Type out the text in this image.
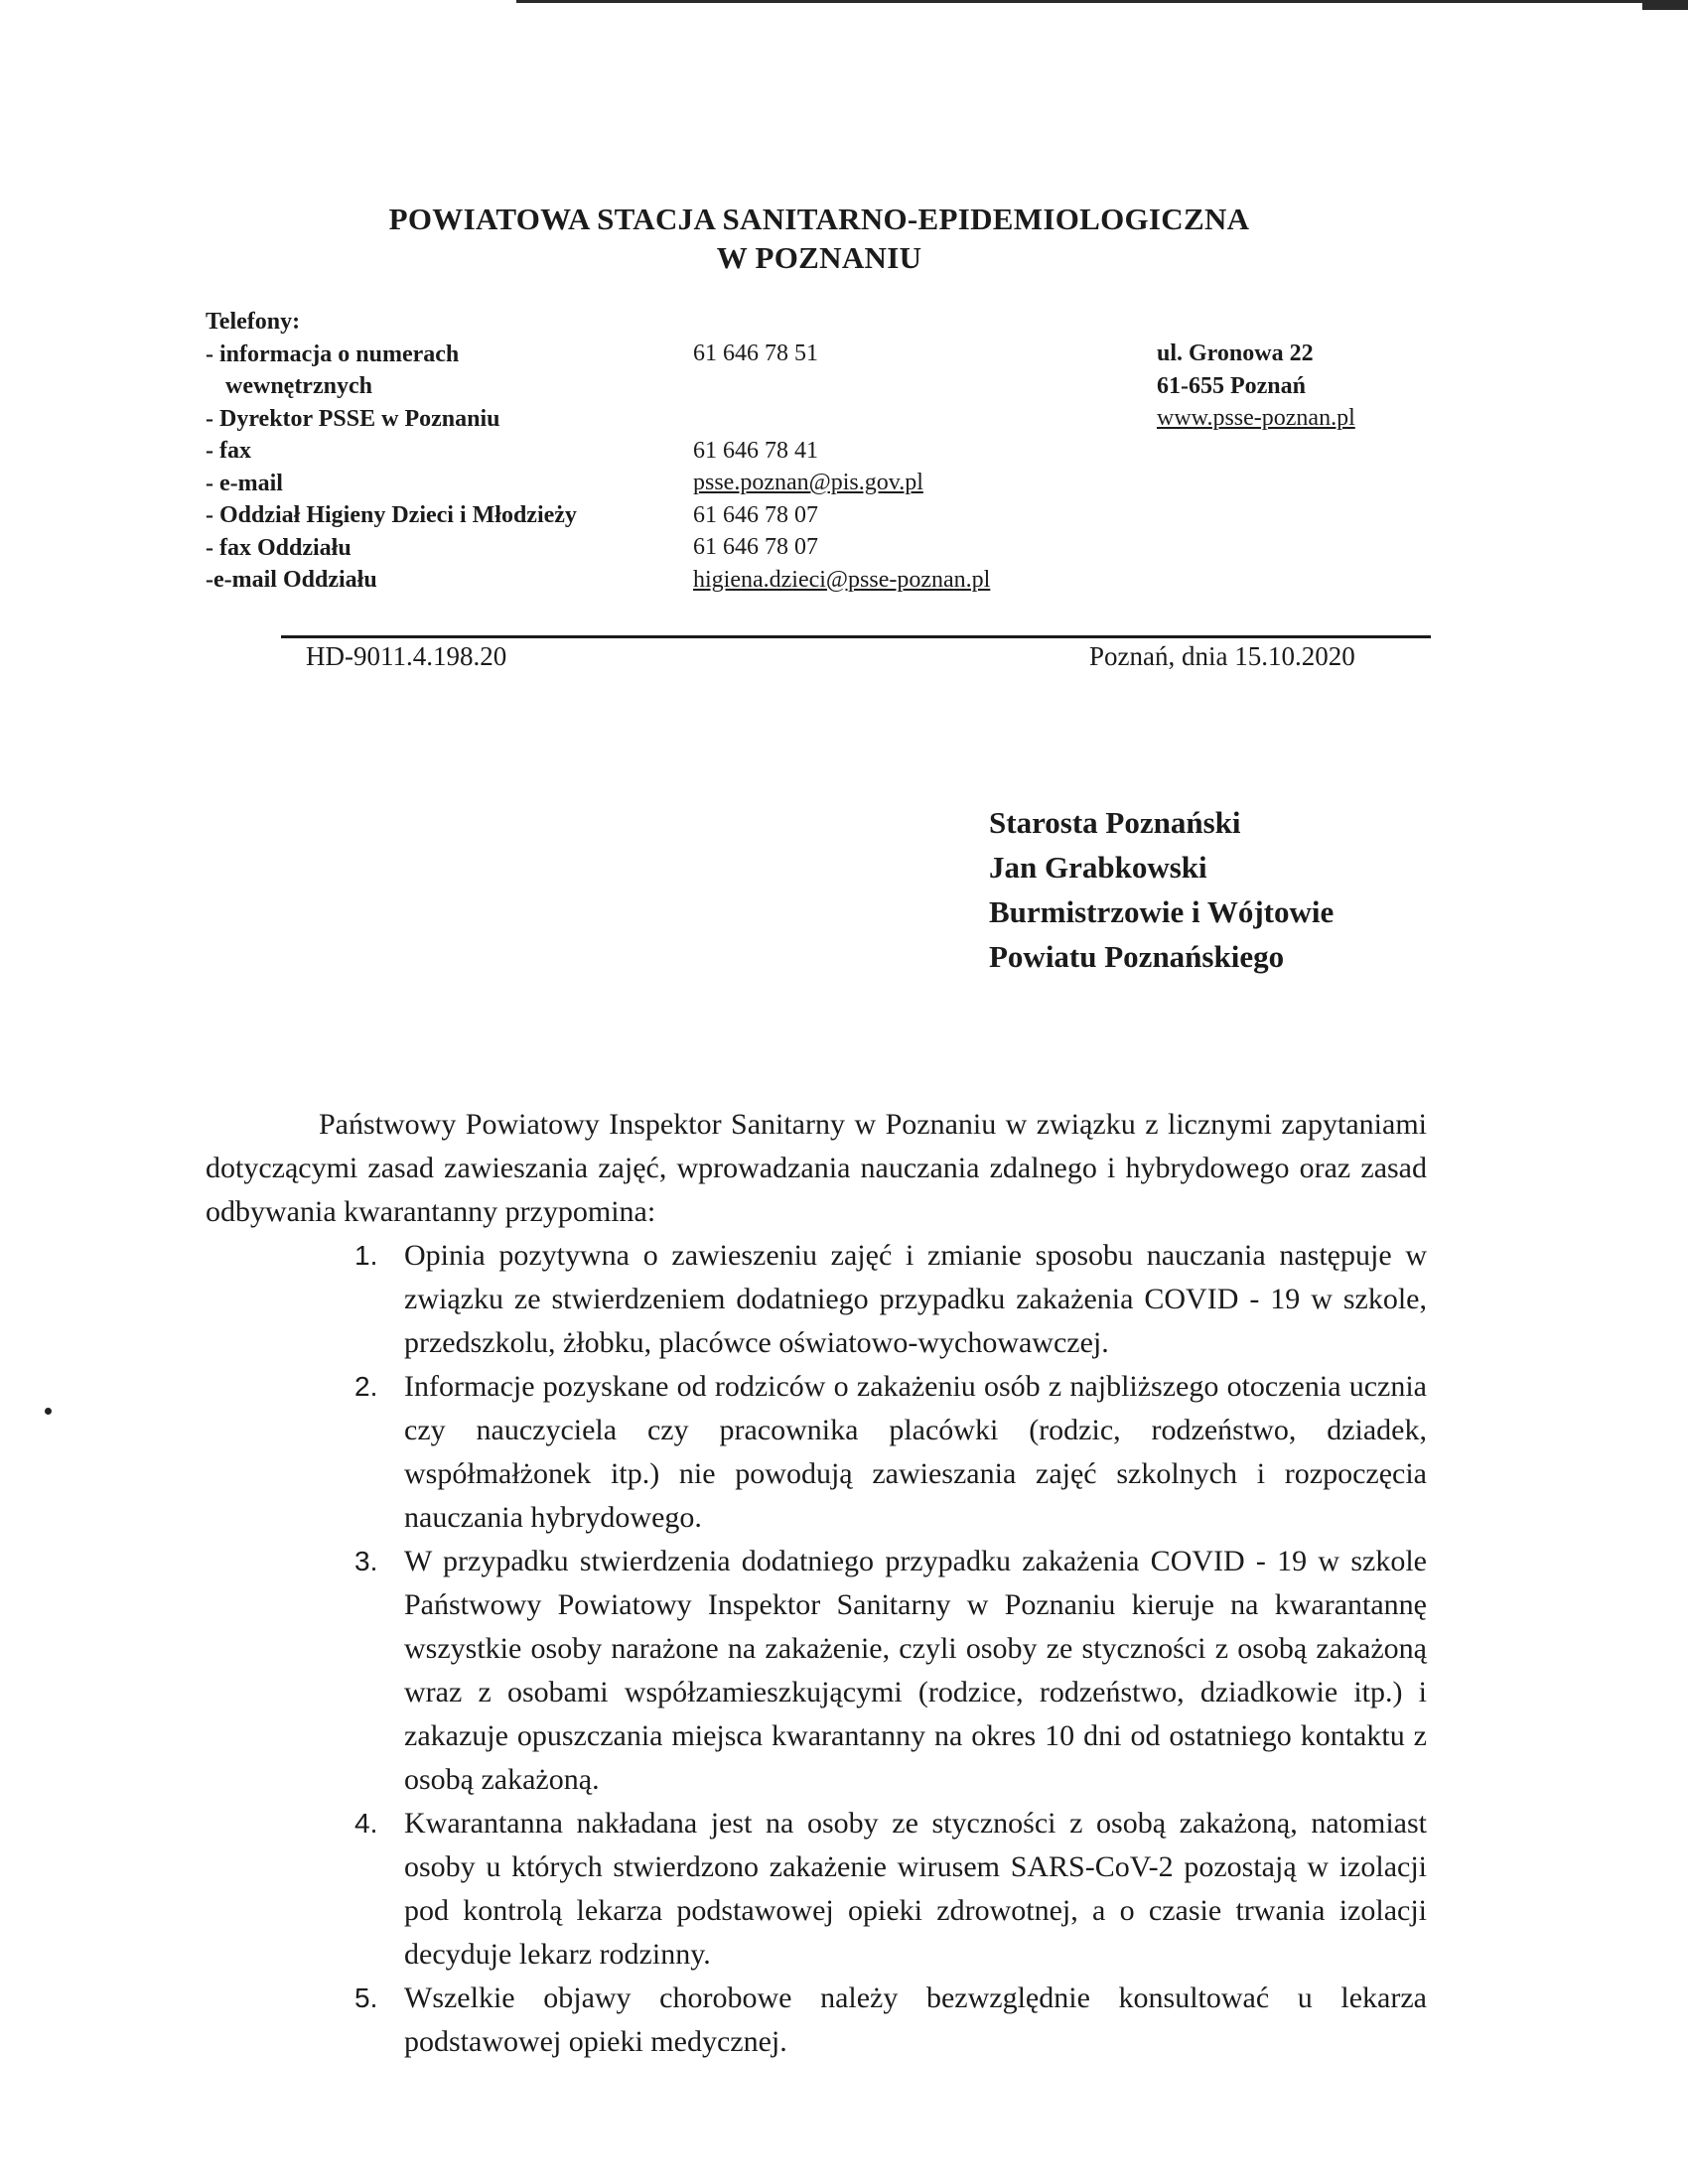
POWIATOWA STACJA SANITARNO-EPIDEMIOLOGICZNA
W POZNANIU
Telefony:
- informacja o numerach
wewnętrznych
- Dyrektor PSSE w Poznaniu
- fax
- e-mail
- Oddział Higieny Dzieci i Młodzieży
- fax Oddziału
-e-mail Oddziału
61 646 78 51

61 646 78 41
psse.poznan@pis.gov.pl
61 646 78 07
61 646 78 07
higiena.dzieci@psse-poznan.pl
ul. Gronowa 22
61-655 Poznań
www.psse-poznan.pl
HD-9011.4.198.20	Poznań, dnia 15.10.2020
Starosta Poznański
Jan Grabkowski
Burmistrzowie i Wójtowie
Powiatu Poznańskiego

Państwowy Powiatowy Inspektor Sanitarny w Poznaniu w związku z licznymi zapytaniami dotyczącymi zasad zawieszania zajęć, wprowadzania nauczania zdalnego i hybrydowego oraz zasad odbywania kwarantanny przypomina:

1. Opinia pozytywna o zawieszeniu zajęć i zmianie sposobu nauczania następuje w związku ze stwierdzeniem dodatniego przypadku zakażenia COVID - 19 w szkole, przedszkolu, żłobku, placówce oświatowo-wychowawczej.
2. Informacje pozyskane od rodziców o zakażeniu osób z najbliższego otoczenia ucznia czy nauczyciela czy pracownika placówki (rodzic, rodzeństwo, dziadek, współmałżonek itp.) nie powodują zawieszania zajęć szkolnych i rozpoczęcia nauczania hybrydowego.
3. W przypadku stwierdzenia dodatniego przypadku zakażenia COVID - 19 w szkole Państwowy Powiatowy Inspektor Sanitarny w Poznaniu kieruje na kwarantannę wszystkie osoby narażone na zakażenie, czyli osoby ze styczności z osobą zakażoną wraz z osobami współzamieszkującymi (rodzice, rodzeństwo, dziadkowie itp.) i zakazuje opuszczania miejsca kwarantanny na okres 10 dni od ostatniego kontaktu z osobą zakażoną.
4. Kwarantanna nakładana jest na osoby ze styczności z osobą zakażoną, natomiast osoby u których stwierdzono zakażenie wirusem SARS-CoV-2 pozostają w izolacji pod kontrolą lekarza podstawowej opieki zdrowotnej, a o czasie trwania izolacji decyduje lekarz rodzinny.
5. Wszelkie objawy chorobowe należy bezwzględnie konsultować u lekarza podstawowej opieki medycznej.
